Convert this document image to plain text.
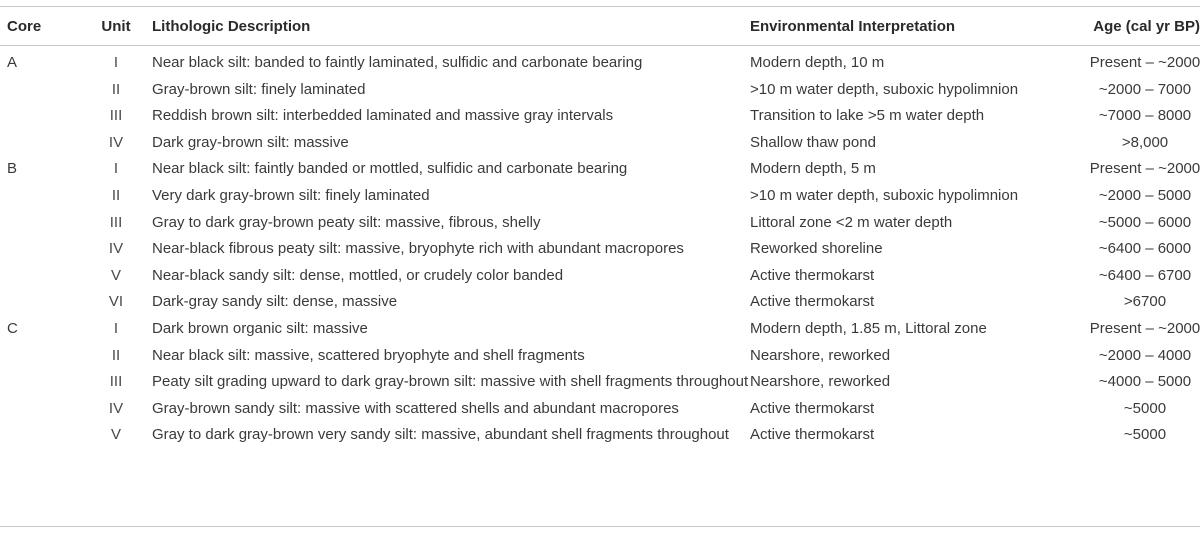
Core	Unit	Lithologic Description	Environmental Interpretation	Age (cal yr BP)
A	I	Near black silt: banded to faintly laminated, sulfidic and carbonate bearing	Modern depth, 10 m	Present – ~2000
	II	Gray-brown silt: finely laminated	>10 m water depth, suboxic hypolimnion	~2000 – 7000
	III	Reddish brown silt: interbedded laminated and massive gray intervals	Transition to lake >5 m water depth	~7000 – 8000
	IV	Dark gray-brown silt: massive	Shallow thaw pond	>8,000
B	I	Near black silt: faintly banded or mottled, sulfidic and carbonate bearing	Modern depth, 5 m	Present – ~2000
	II	Very dark gray-brown silt: finely laminated	>10 m water depth, suboxic hypolimnion	~2000 – 5000
	III	Gray to dark gray-brown peaty silt: massive, fibrous, shelly	Littoral zone <2 m water depth	~5000 – 6000
	IV	Near-black fibrous peaty silt: massive, bryophyte rich with abundant macropores	Reworked shoreline	~6400 – 6000
	V	Near-black sandy silt: dense, mottled, or crudely color banded	Active thermokarst	~6400 – 6700
	VI	Dark-gray sandy silt: dense, massive	Active thermokarst	>6700
C	I	Dark brown organic silt: massive	Modern depth, 1.85 m, Littoral zone	Present – ~2000
	II	Near black silt: massive, scattered bryophyte and shell fragments	Nearshore, reworked	~2000 – 4000
	III	Peaty silt grading upward to dark gray-brown silt: massive with shell fragments throughout	Nearshore, reworked	~4000 – 5000
	IV	Gray-brown sandy silt: massive with scattered shells and abundant macropores	Active thermokarst	~5000
	V	Gray to dark gray-brown very sandy silt: massive, abundant shell fragments throughout	Active thermokarst	~5000
